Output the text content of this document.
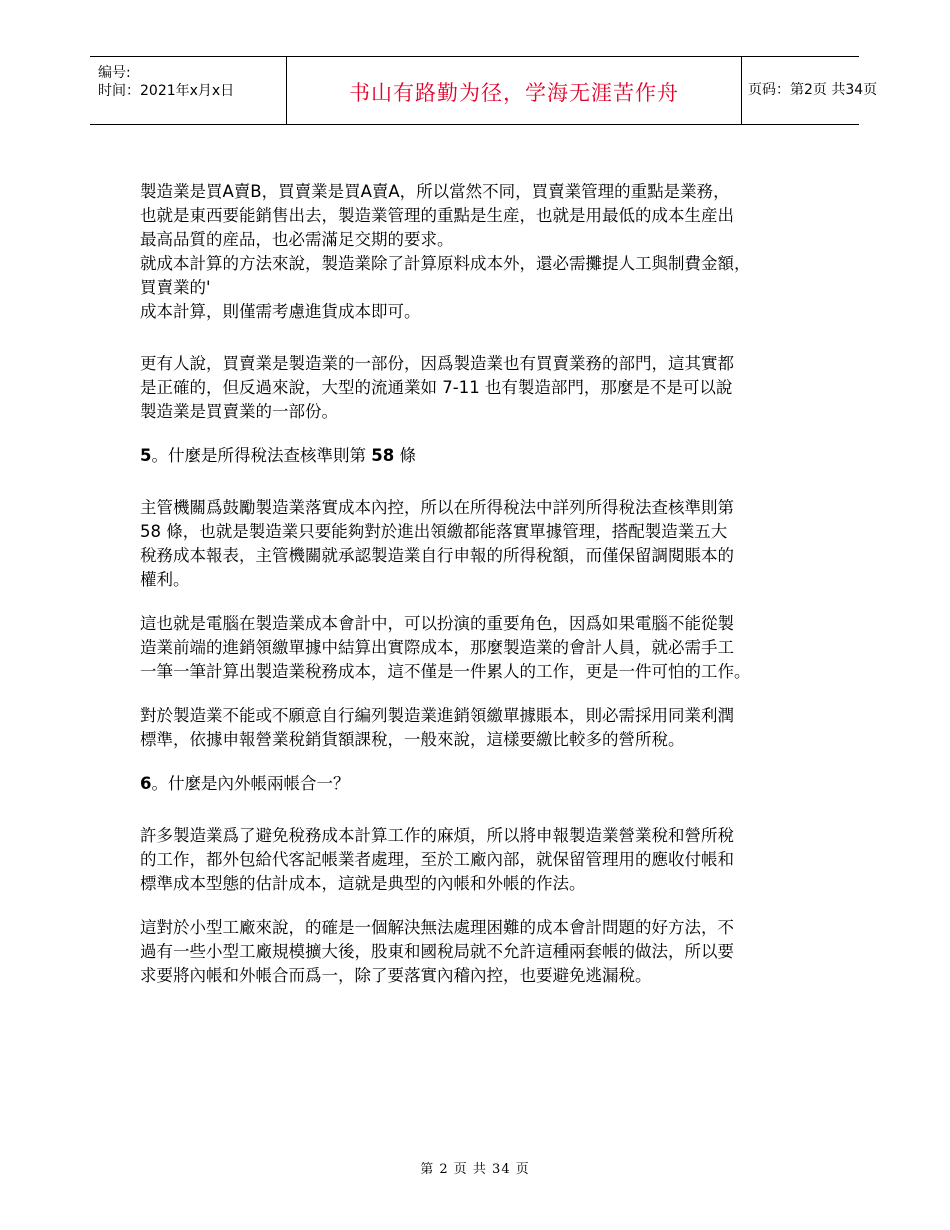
编号:
时间：2021年x月x日	书山有路勤为径，学海无涯苦作舟	页码：第2页 共34页

製造業是買A賣B，買賣業是買A賣A，所以當然不同，買賣業管理的重點是業務，
也就是東西要能銷售出去，製造業管理的重點是生産，也就是用最低的成本生産出
最高品質的産品，也必需滿足交期的要求。
就成本計算的方法來說，製造業除了計算原料成本外，還必需攤提人工與制費金額，
買賣業的'
成本計算，則僅需考慮進貨成本即可。

更有人說，買賣業是製造業的一部份，因爲製造業也有買賣業務的部門，這其實都
是正確的，但反過來說，大型的流通業如 7-11 也有製造部門，那麼是不是可以說
製造業是買賣業的一部份。

5。什麼是所得稅法查核準則第 58 條

主管機關爲鼓勵製造業落實成本內控，所以在所得稅法中詳列所得稅法查核準則第
58 條，也就是製造業只要能夠對於進出領繳都能落實單據管理，搭配製造業五大
稅務成本報表，主管機關就承認製造業自行申報的所得稅額，而僅保留調閱賬本的
權利。

這也就是電腦在製造業成本會計中，可以扮演的重要角色，因爲如果電腦不能從製
造業前端的進銷領繳單據中結算出實際成本，那麼製造業的會計人員，就必需手工
一筆一筆計算出製造業稅務成本，這不僅是一件累人的工作，更是一件可怕的工作。

對於製造業不能或不願意自行編列製造業進銷領繳單據賬本，則必需採用同業利潤
標準，依據申報營業稅銷貨額課稅，一般來說，這樣要繳比較多的營所稅。

6。什麼是內外帳兩帳合一？

許多製造業爲了避免稅務成本計算工作的麻煩，所以將申報製造業營業稅和營所稅
的工作，都外包給代客記帳業者處理，至於工廠內部，就保留管理用的應收付帳和
標準成本型態的估計成本，這就是典型的內帳和外帳的作法。

這對於小型工廠來說，的確是一個解決無法處理困難的成本會計問題的好方法，不
過有一些小型工廠規模擴大後，股東和國稅局就不允許這種兩套帳的做法，所以要
求要將內帳和外帳合而爲一，除了要落實內稽內控，也要避免逃漏稅。

第 2 页 共 34 页
